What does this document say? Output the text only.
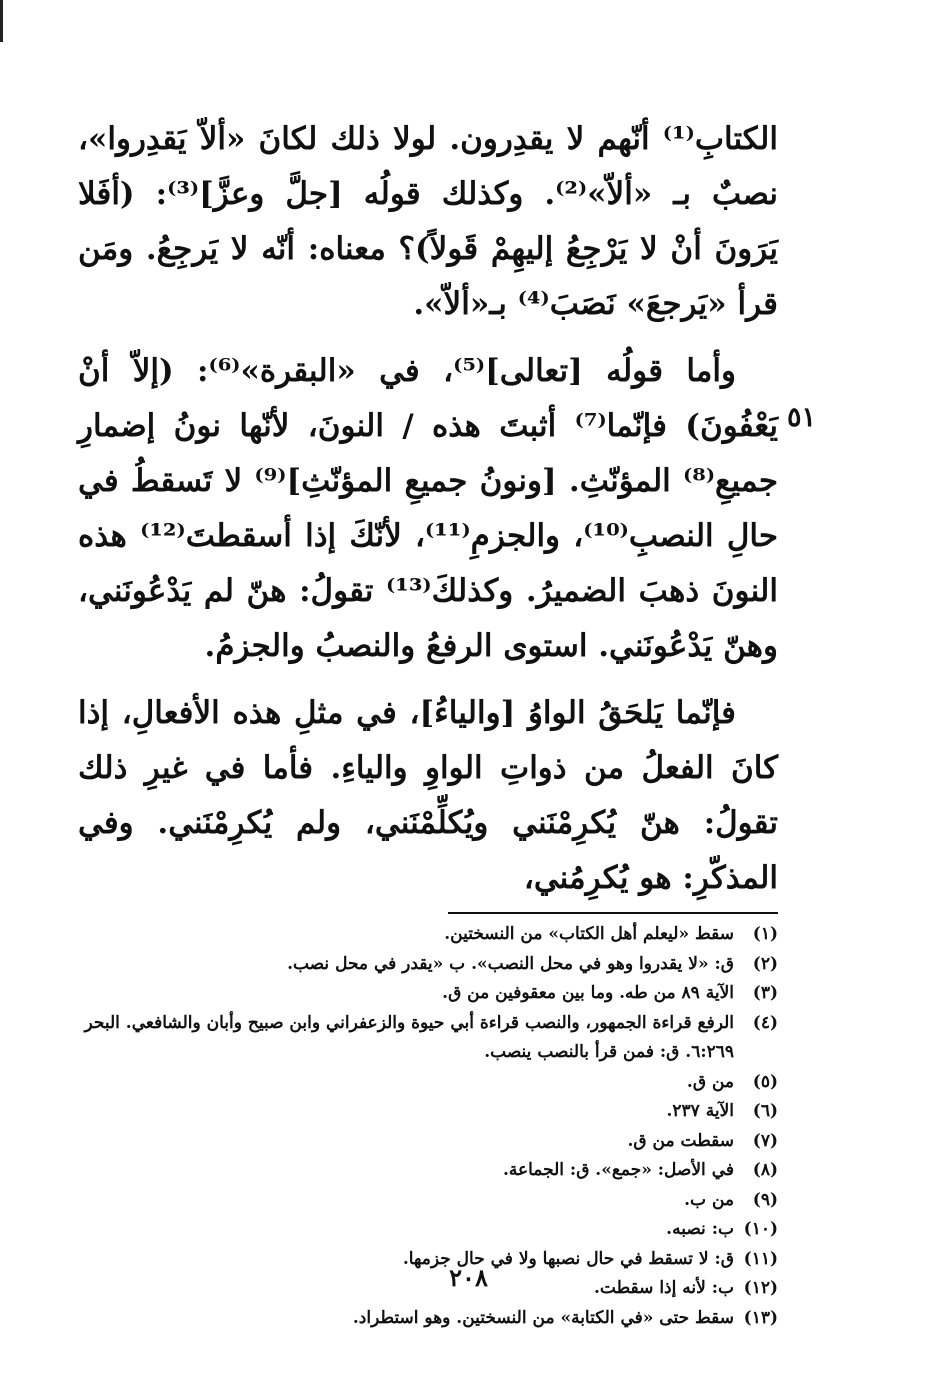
٥١

الكتابِ⁽¹⁾ أنّهم لا يقدِرون. لولا ذلك لكانَ «ألاّ يَقدِروا»، نصبٌ بـ «ألاّ»⁽²⁾. وكذلك قولُه [جلَّ وعزَّ]⁽³⁾: (أفَلا يَرَونَ أنْ لا يَرْجِعُ إليهِمْ قَولاً)؟ معناه: أنّه لا يَرجِعُ. ومَن قرأ «يَرجعَ» نَصَبَ⁽⁴⁾ بـ«ألاّ».

وأما قولُه [تعالى]⁽⁵⁾، في «البقرة»⁽⁶⁾: (إلاّ أنْ يَعْفُونَ) فإنّما⁽⁷⁾ أثبتَ هذه / النونَ، لأنّها نونُ إضمارِ جميعِ⁽⁸⁾ المؤنّثِ. [ونونُ جميعِ المؤنّثِ]⁽⁹⁾ لا تَسقطُ في حالِ النصبِ⁽¹⁰⁾، والجزمِ⁽¹¹⁾، لأنّكَ إذا أسقطتَ⁽¹²⁾ هذه النونَ ذهبَ الضميرُ. وكذلكَ⁽¹³⁾ تقولُ: هنّ لم يَدْعُونَني، وهنّ يَدْعُونَني. استوى الرفعُ والنصبُ والجزمُ.

فإنّما يَلحَقُ الواوُ [والياءُ]، في مثلِ هذه الأفعالِ، إذا كانَ الفعلُ من ذواتِ الواوِ والياءِ. فأما في غيرِ ذلك تقولُ: هنّ يُكرِمْنَني ويُكلِّمْنَني، ولم يُكرِمْنَني. وفي المذكّرِ: هو يُكرِمُني،

(١)
سقط «ليعلم أهل الكتاب» من النسختين.
(٢)
ق: «لا يقدروا وهو في محل النصب». ب «يقدر في محل نصب.
(٣)
الآية ٨٩ من طه. وما بين معقوفين من ق.
(٤)
الرفع قراءة الجمهور، والنصب قراءة أبي حيوة والزعفراني وابن صبيح وأبان والشافعي. البحر ٦:٢٦٩. ق: فمن قرأ بالنصب ينصب.
(٥)
من ق.
(٦)
الآية ٢٣٧.
(٧)
سقطت من ق.
(٨)
في الأصل: «جمع». ق: الجماعة.
(٩)
من ب.
(١٠)
ب: نصبه.
(١١)
ق: لا تسقط في حال نصبها ولا في حال جزمها.
(١٢)
ب: لأنه إذا سقطت.
(١٣)
سقط حتى «في الكتابة» من النسختين. وهو استطراد.
٢٠٨
